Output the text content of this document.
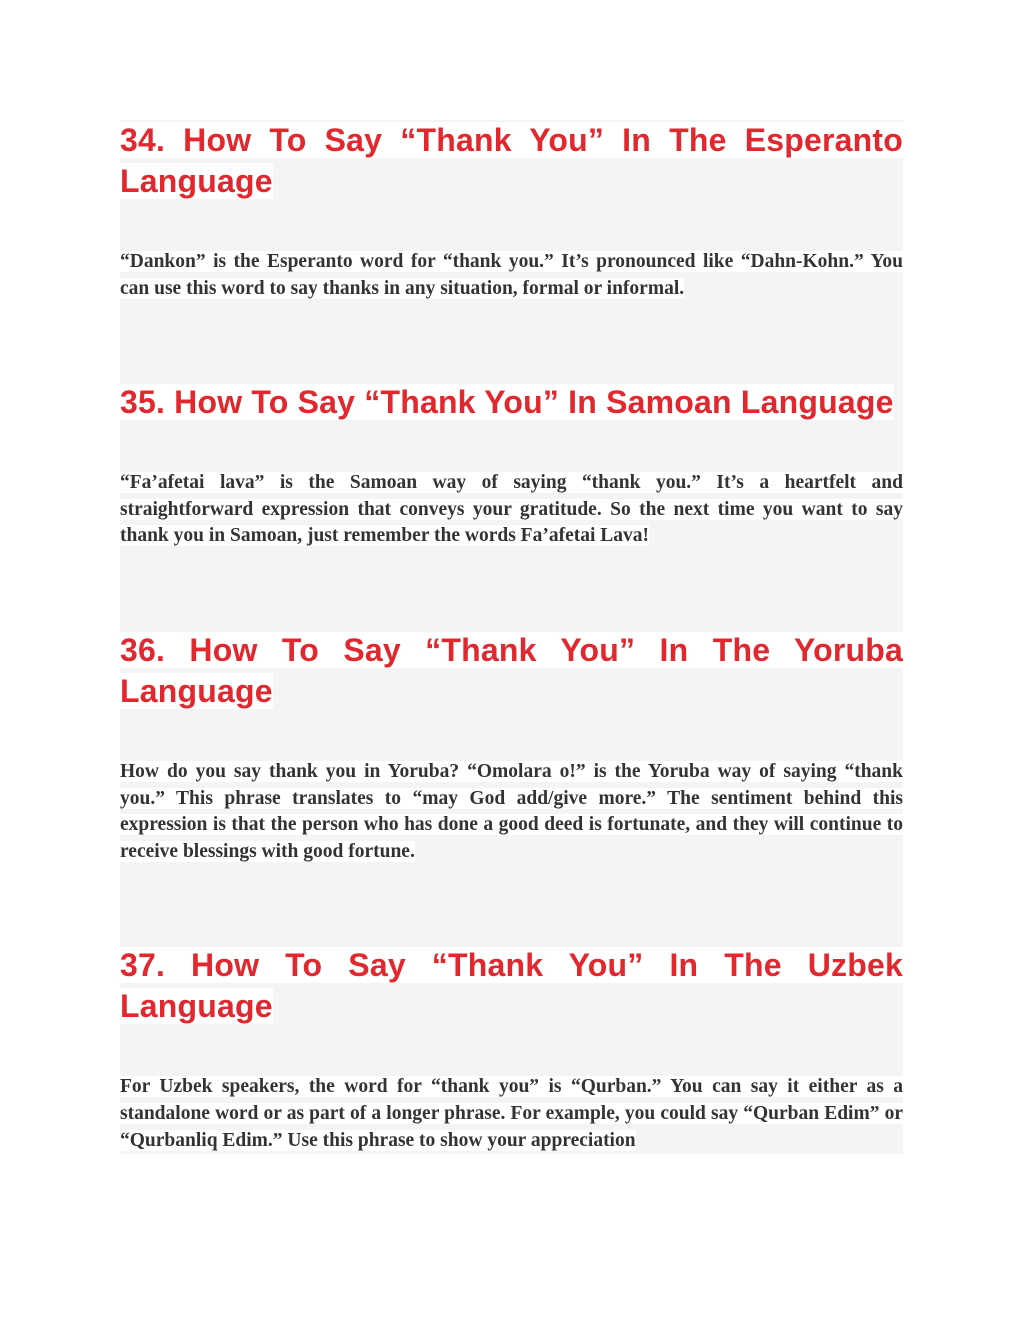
34. How To Say “Thank You” In The Esperanto Language

“Dankon” is the Esperanto word for “thank you.” It’s pronounced like “Dahn-Kohn.” You can use this word to say thanks in any situation, formal or informal.

35. How To Say “Thank You” In Samoan Language

“Fa’afetai lava” is the Samoan way of saying “thank you.” It’s a heartfelt and straightforward expression that conveys your gratitude. So the next time you want to say thank you in Samoan, just remember the words Fa’afetai Lava!

36. How To Say “Thank You” In The Yoruba Language

How do you say thank you in Yoruba? “Omolara o!” is the Yoruba way of saying “thank you.” This phrase translates to “may God add/give more.” The sentiment behind this expression is that the person who has done a good deed is fortunate, and they will continue to receive blessings with good fortune.

37. How To Say “Thank You” In The Uzbek Language

For Uzbek speakers, the word for “thank you” is “Qurban.” You can say it either as a standalone word or as part of a longer phrase. For example, you could say “Qurban Edim” or “Qurbanliq Edim.” Use this phrase to show your appreciation
